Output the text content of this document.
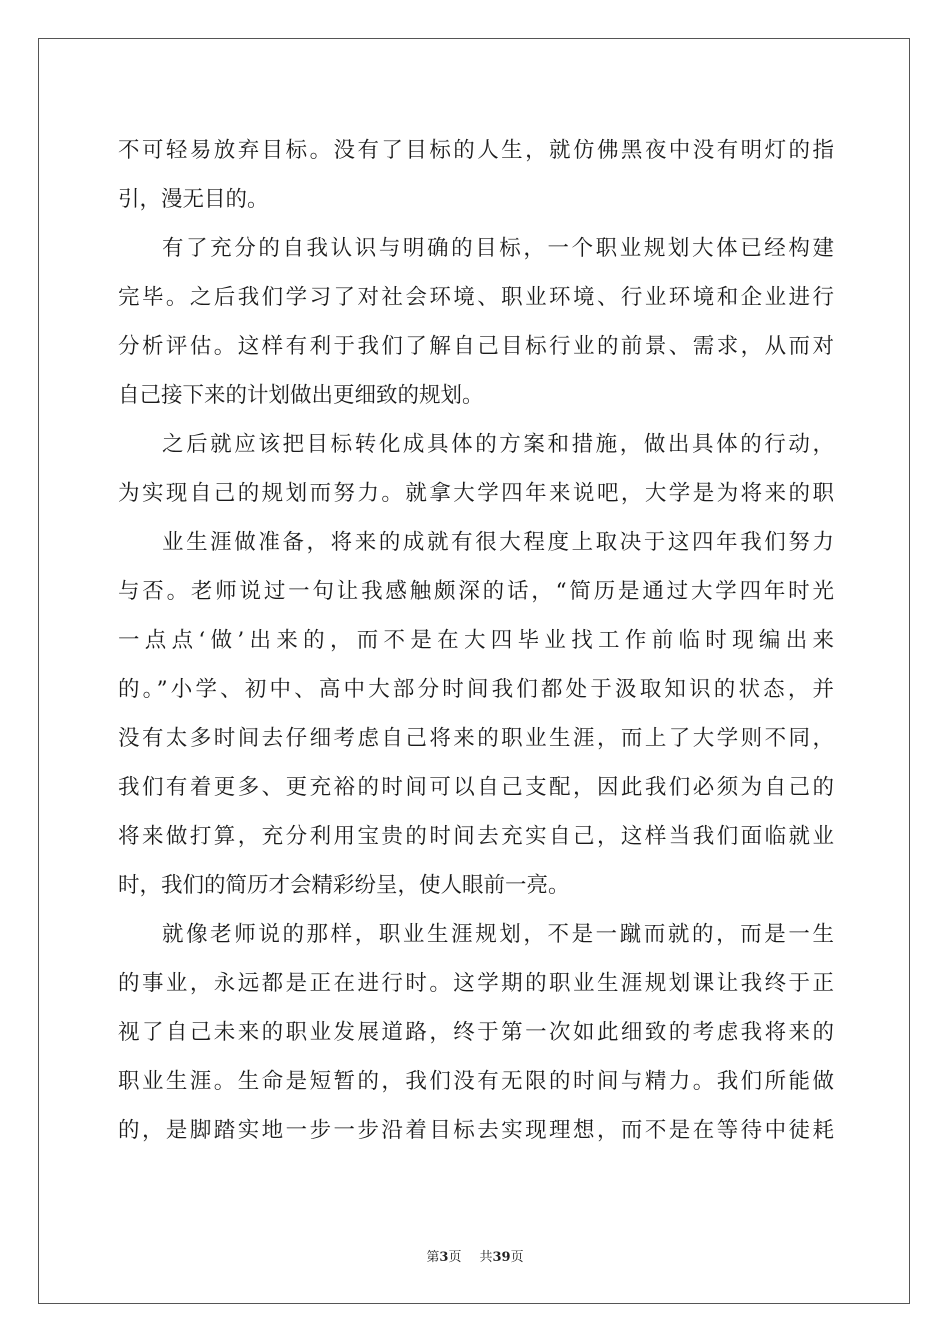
不可轻易放弃目标。没有了目标的人生，就仿佛黑夜中没有明灯的指
引，漫无目的。
有了充分的自我认识与明确的目标，一个职业规划大体已经构建
完毕。之后我们学习了对社会环境、职业环境、行业环境和企业进行
分析评估。这样有利于我们了解自己目标行业的前景、需求，从而对
自己接下来的计划做出更细致的规划。
之后就应该把目标转化成具体的方案和措施，做出具体的行动，
为实现自己的规划而努力。就拿大学四年来说吧，大学是为将来的职
业生涯做准备，将来的成就有很大程度上取决于这四年我们努力
与否。老师说过一句让我感触颇深的话，“简历是通过大学四年时光
一点点‘做’出来的，而不是在大四毕业找工作前临时现编出来
的。”小学、初中、高中大部分时间我们都处于汲取知识的状态，并
没有太多时间去仔细考虑自己将来的职业生涯，而上了大学则不同，
我们有着更多、更充裕的时间可以自己支配，因此我们必须为自己的
将来做打算，充分利用宝贵的时间去充实自己，这样当我们面临就业
时，我们的简历才会精彩纷呈，使人眼前一亮。
就像老师说的那样，职业生涯规划，不是一蹴而就的，而是一生
的事业，永远都是正在进行时。这学期的职业生涯规划课让我终于正
视了自己未来的职业发展道路，终于第一次如此细致的考虑我将来的
职业生涯。生命是短暂的，我们没有无限的时间与精力。我们所能做
的，是脚踏实地一步一步沿着目标去实现理想，而不是在等待中徒耗
第3页 共39页
